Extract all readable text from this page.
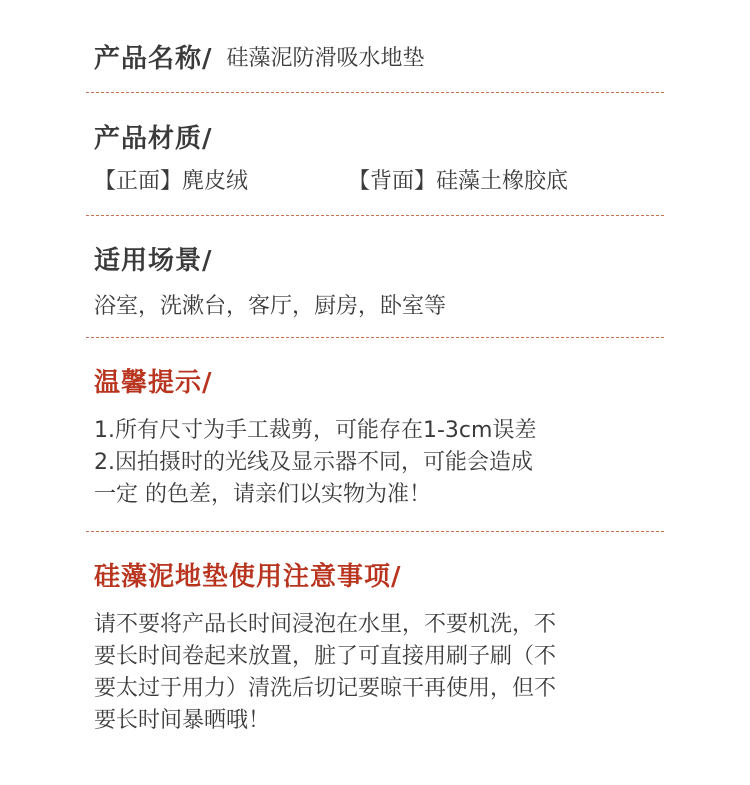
产品名称/ 硅藻泥防滑吸水地垫
产品材质/
【正面】麂皮绒	【背面】硅藻土橡胶底
适用场景/
浴室，洗漱台，客厅，厨房，卧室等
温馨提示/
1.所有尺寸为手工裁剪，可能存在1-3cm误差
2.因拍摄时的光线及显示器不同，可能会造成
一定 的色差，请亲们以实物为准！
硅藻泥地垫使用注意事项/
请不要将产品长时间浸泡在水里，不要机洗，不
要长时间卷起来放置，脏了可直接用刷子刷（不
要太过于用力）清洗后切记要晾干再使用，但不
要长时间暴晒哦！
